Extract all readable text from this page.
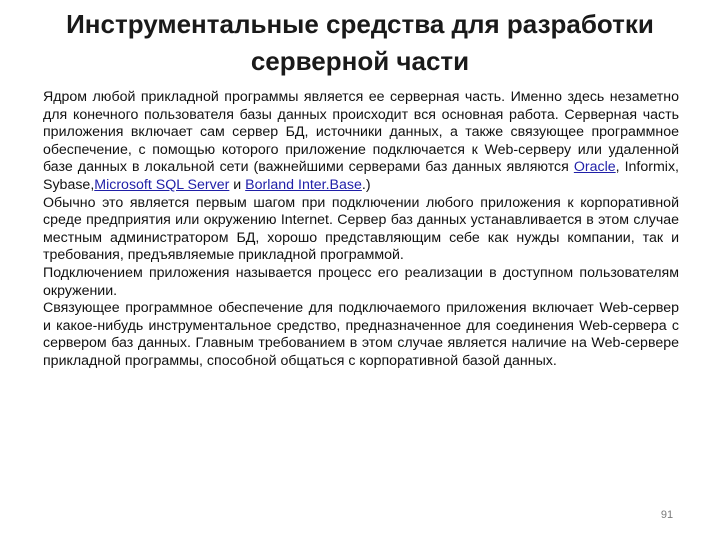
Инструментальные средства для разработки
серверной части

Ядром любой прикладной программы является ее серверная часть. Именно здесь незаметно для конечного пользователя базы данных происходит вся основная работа. Серверная часть приложения включает сам сервер БД, источники данных, а также связующее программное обеспечение, с помощью которого приложение подключается к Web-серверу или удаленной базе данных в локальной сети (важнейшими серверами баз данных являются Oracle, Informix, Sybase,Microsoft SQL Server и Borland Inter.Base.)

Обычно это является первым шагом при подключении любого приложения к корпоративной среде предприятия или окружению Internet. Сервер баз данных устанавливается в этом случае местным администратором БД, хорошо представляющим себе как нужды компании, так и требования, предъявляемые прикладной программой.

Подключением приложения называется процесс его реализации в доступном пользователям окружении.

Связующее программное обеспечение для подключаемого приложения включает Web-сервер и какое-нибудь инструментальное средство, предназначенное для соединения Web-сервера с сервером баз данных. Главным требованием в этом случае является наличие на Web-сервере прикладной программы, способной общаться с корпоративной базой данных.

91
